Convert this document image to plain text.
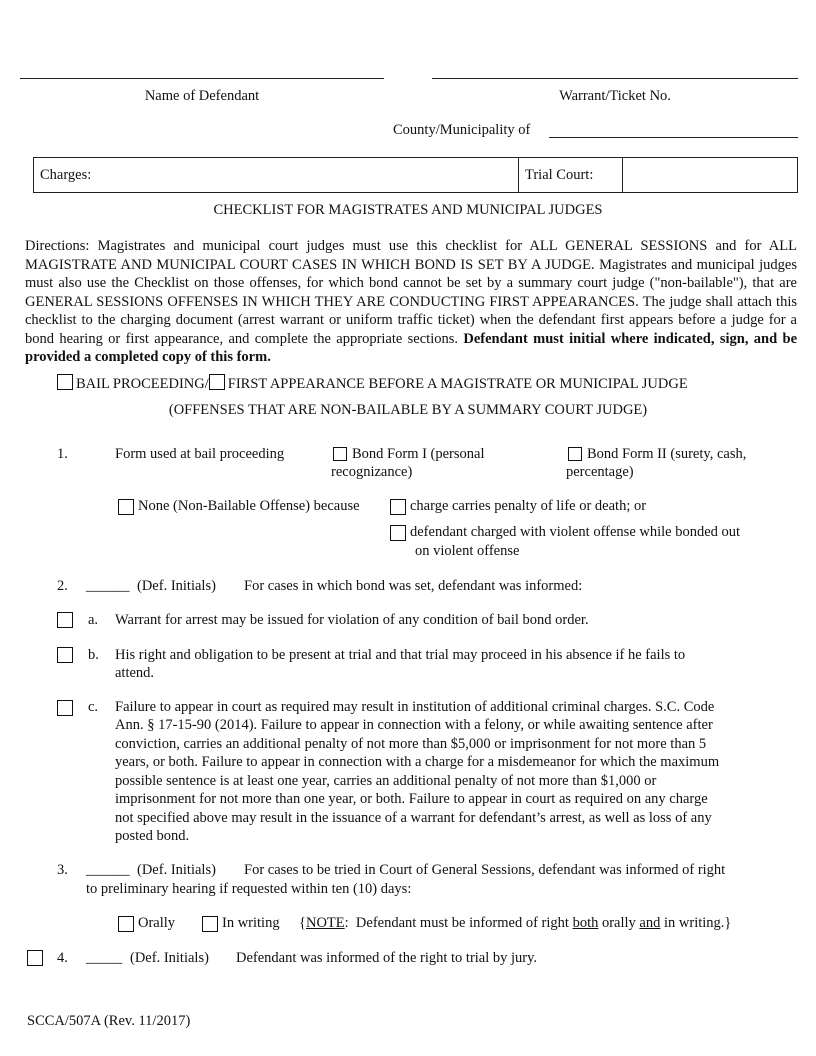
Name of Defendant	Warrant/Ticket No.
County/Municipality of
Charges:	Trial Court:
CHECKLIST FOR MAGISTRATES AND MUNICIPAL JUDGES
Directions: Magistrates and municipal court judges must use this checklist for ALL GENERAL SESSIONS and for ALL MAGISTRATE AND MUNICIPAL COURT CASES IN WHICH BOND IS SET BY A JUDGE. Magistrates and municipal judges must also use the Checklist on those offenses, for which bond cannot be set by a summary court judge ("non-bailable"), that are GENERAL SESSIONS OFFENSES IN WHICH THEY ARE CONDUCTING FIRST APPEARANCES. The judge shall attach this checklist to the charging document (arrest warrant or uniform traffic ticket) when the defendant first appears before a judge for a bond hearing or first appearance, and complete the appropriate sections. Defendant must initial where indicated, sign, and be provided a completed copy of this form.
BAIL PROCEEDING/ FIRST APPEARANCE BEFORE A MAGISTRATE OR MUNICIPAL JUDGE
(OFFENSES THAT ARE NON-BAILABLE BY A SUMMARY COURT JUDGE)
1.	Form used at bail proceeding	Bond Form I (personal
recognizance)
Bond Form II (surety, cash,
percentage)
None (Non-Bailable Offense) because	charge carries penalty of life or death; or
defendant charged with violent offense while bonded out
on violent offense
2. ______ (Def. Initials) For cases in which bond was set, defendant was informed:
a. Warrant for arrest may be issued for violation of any condition of bail bond order.
b. His right and obligation to be present at trial and that trial may proceed in his absence if he fails to
attend.
c. Failure to appear in court as required may result in institution of additional criminal charges. S.C. Code
Ann. § 17-15-90 (2014). Failure to appear in connection with a felony, or while awaiting sentence after
conviction, carries an additional penalty of not more than $5,000 or imprisonment for not more than 5
years, or both. Failure to appear in connection with a charge for a misdemeanor for which the maximum
possible sentence is at least one year, carries an additional penalty of not more than $1,000 or
imprisonment for not more than one year, or both. Failure to appear in court as required on any charge
not specified above may result in the issuance of a warrant for defendant’s arrest, as well as loss of any
posted bond.
3. ______ (Def. Initials) For cases to be tried in Court of General Sessions, defendant was informed of right
to preliminary hearing if requested within ten (10) days:
Orally	In writing {NOTE:  Defendant must be informed of right both orally and in writing.}
4. _____ (Def. Initials) Defendant was informed of the right to trial by jury.
SCCA/507A (Rev. 11/2017)
